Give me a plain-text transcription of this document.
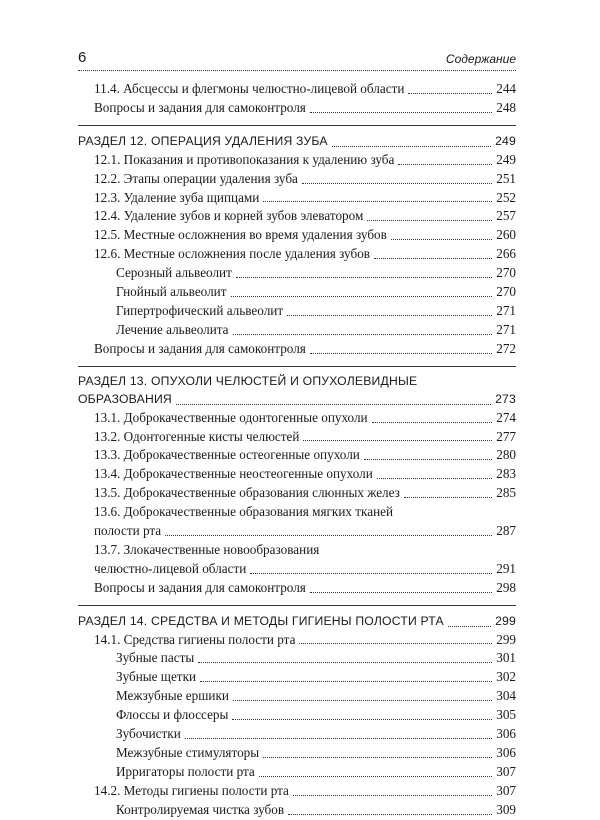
6	Содержание
11.4. Абсцессы и флегмоны челюстно-лицевой области	244
Вопросы и задания для самоконтроля	248
РАЗДЕЛ 12. ОПЕРАЦИЯ УДАЛЕНИЯ ЗУБА	249
12.1. Показания и противопоказания к удалению зуба	249
12.2. Этапы операции удаления зуба	251
12.3. Удаление зуба щипцами	252
12.4. Удаление зубов и корней зубов элеватором	257
12.5. Местные осложнения во время удаления зубов	260
12.6. Местные осложнения после удаления зубов	266
Серозный альвеолит	270
Гнойный альвеолит	270
Гипертрофический альвеолит	271
Лечение альвеолита	271
Вопросы и задания для самоконтроля	272
РАЗДЕЛ 13. ОПУХОЛИ ЧЕЛЮСТЕЙ И ОПУХОЛЕВИДНЫЕ
ОБРАЗОВАНИЯ	273
13.1. Доброкачественные одонтогенные опухоли	274
13.2. Одонтогенные кисты челюстей	277
13.3. Доброкачественные остеогенные опухоли	280
13.4. Доброкачественные неостеогенные опухоли	283
13.5. Доброкачественные образования слюнных желез	285
13.6. Доброкачественные образования мягких тканей
полости рта	287
13.7. Злокачественные новообразования
челюстно-лицевой области	291
Вопросы и задания для самоконтроля	298
РАЗДЕЛ 14. СРЕДСТВА И МЕТОДЫ ГИГИЕНЫ ПОЛОСТИ РТА	299
14.1. Средства гигиены полости рта	299
Зубные пасты	301
Зубные щетки	302
Межзубные ершики	304
Флоссы и флоссеры	305
Зубочистки	306
Межзубные стимуляторы	306
Ирригаторы полости рта	307
14.2. Методы гигиены полости рта	307
Контролируемая чистка зубов	309
